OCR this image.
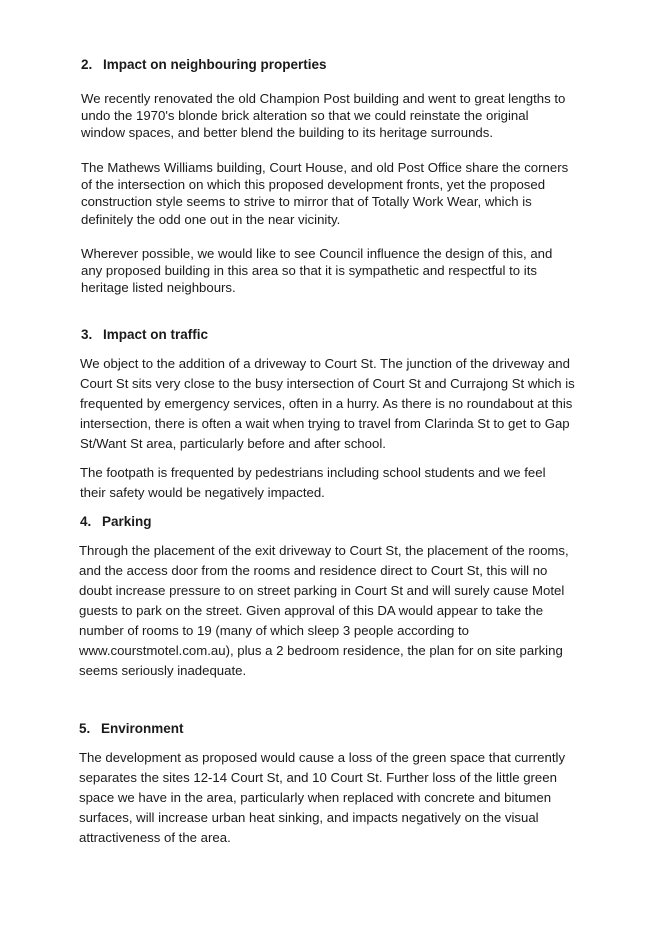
2. Impact on neighbouring properties

We recently renovated the old Champion Post building and went to great lengths to
undo the 1970's blonde brick alteration so that we could reinstate the original
window spaces, and better blend the building to its heritage surrounds.

The Mathews Williams building, Court House, and old Post Office share the corners
of the intersection on which this proposed development fronts, yet the proposed
construction style seems to strive to mirror that of Totally Work Wear, which is
definitely the odd one out in the near vicinity.

Wherever possible, we would like to see Council influence the design of this, and
any proposed building in this area so that it is sympathetic and respectful to its
heritage listed neighbours.

3. Impact on traffic

We object to the addition of a driveway to Court St. The junction of the driveway and
Court St sits very close to the busy intersection of Court St and Currajong St which is
frequented by emergency services, often in a hurry. As there is no roundabout at this
intersection, there is often a wait when trying to travel from Clarinda St to get to Gap
St/Want St area, particularly before and after school.

The footpath is frequented by pedestrians including school students and we feel
their safety would be negatively impacted.

4. Parking

Through the placement of the exit driveway to Court St, the placement of the rooms,
and the access door from the rooms and residence direct to Court St, this will no
doubt increase pressure to on street parking in Court St and will surely cause Motel
guests to park on the street. Given approval of this DA would appear to take the
number of rooms to 19 (many of which sleep 3 people according to
www.courstmotel.com.au), plus a 2 bedroom residence, the plan for on site parking
seems seriously inadequate.

5. Environment

The development as proposed would cause a loss of the green space that currently
separates the sites 12-14 Court St, and 10 Court St. Further loss of the little green
space we have in the area, particularly when replaced with concrete and bitumen
surfaces, will increase urban heat sinking, and impacts negatively on the visual
attractiveness of the area.
